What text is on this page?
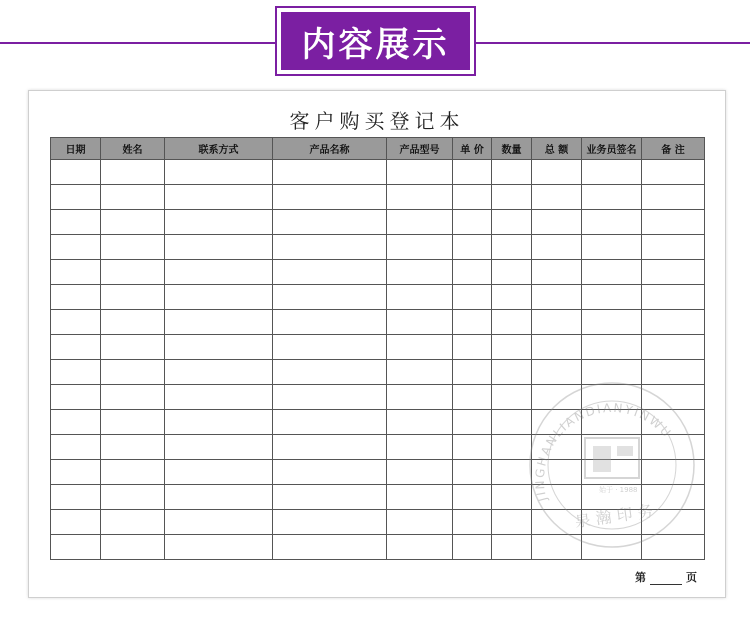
内容展示
客户购买登记本
日期	姓名	联系方式	产品名称	产品型号	单 价	数量	总 额	业务员签名	备 注

第	页
JINGHANLIANDIANYINWU
始于 · 1988
泉 瀚 印 务
